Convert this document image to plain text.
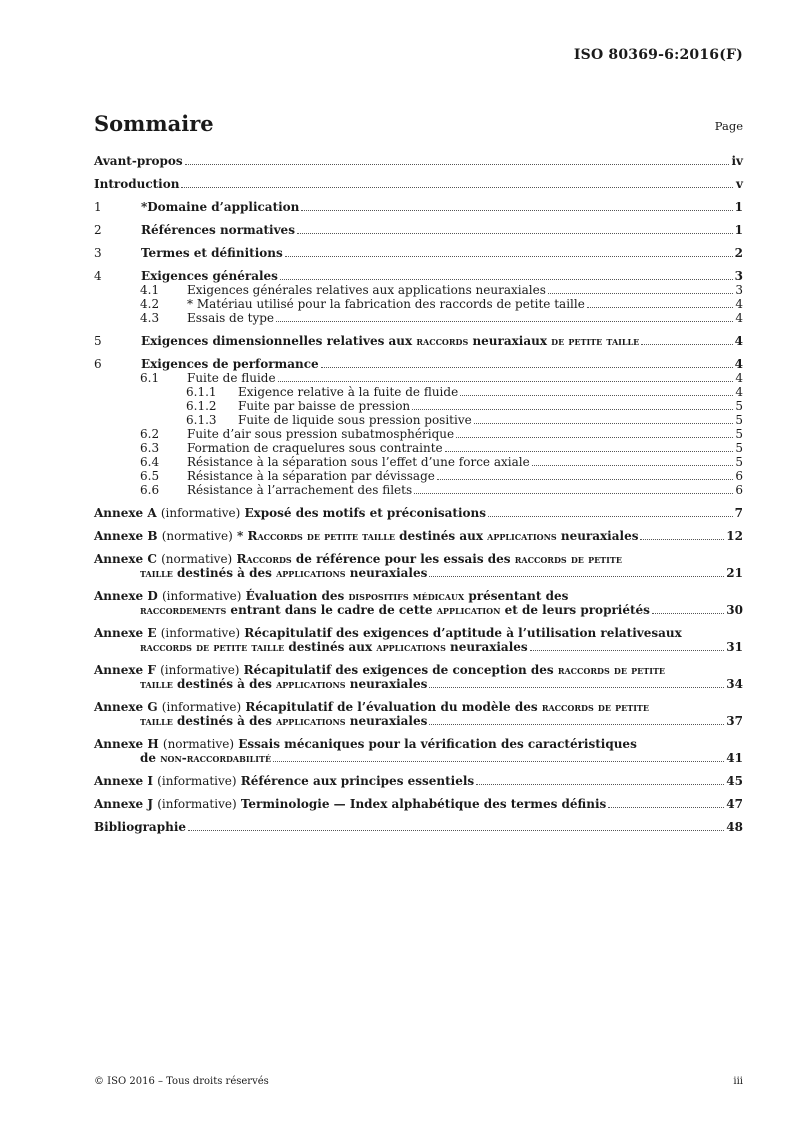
ISO 80369-6:2016(F)
Sommaire	Page
Avant-propos	iv
Introduction	v
1	*Domaine d’application	1
2	Références normatives	1
3	Termes et définitions	2
4	Exigences générales	3
4.1	Exigences générales relatives aux applications neuraxiales	3
4.2	* Matériau utilisé pour la fabrication des raccords de petite taille	4
4.3	Essais de type	4
5	Exigences dimensionnelles relatives aux raccords neuraxiaux de petite taille	4
6	Exigences de performance	4
6.1	Fuite de fluide	4
6.1.1	Exigence relative à la fuite de fluide	4
6.1.2	Fuite par baisse de pression	5
6.1.3	Fuite de liquide sous pression positive	5
6.2	Fuite d’air sous pression subatmosphérique	5
6.3	Formation de craquelures sous contrainte	5
6.4	Résistance à la séparation sous l’effet d’une force axiale	5
6.5	Résistance à la séparation par dévissage	6
6.6	Résistance à l’arrachement des filets	6
Annexe A (informative) Exposé des motifs et préconisations	7
Annexe B (normative) * Raccords de petite taille destinés aux applications neuraxiales	12
Annexe C (normative) Raccords de référence pour les essais des raccords de petite
taille destinés à des applications neuraxiales	21
Annexe D (informative) Évaluation des dispositifs médicaux présentant des
raccordements entrant dans le cadre de cette application et de leurs propriétés	30
Annexe E (informative) Récapitulatif des exigences d’aptitude à l’utilisation relativesaux
raccords de petite taille destinés aux applications neuraxiales	31
Annexe F (informative) Récapitulatif des exigences de conception des raccords de petite
taille destinés à des applications neuraxiales	34
Annexe G (informative) Récapitulatif de l’évaluation du modèle des raccords de petite
taille destinés à des applications neuraxiales	37
Annexe H (normative) Essais mécaniques pour la vérification des caractéristiques
de non-raccordabilité	41
Annexe I (informative) Référence aux principes essentiels	45
Annexe J (informative) Terminologie — Index alphabétique des termes définis	47
Bibliographie	48
© ISO 2016 – Tous droits réservés	iii
